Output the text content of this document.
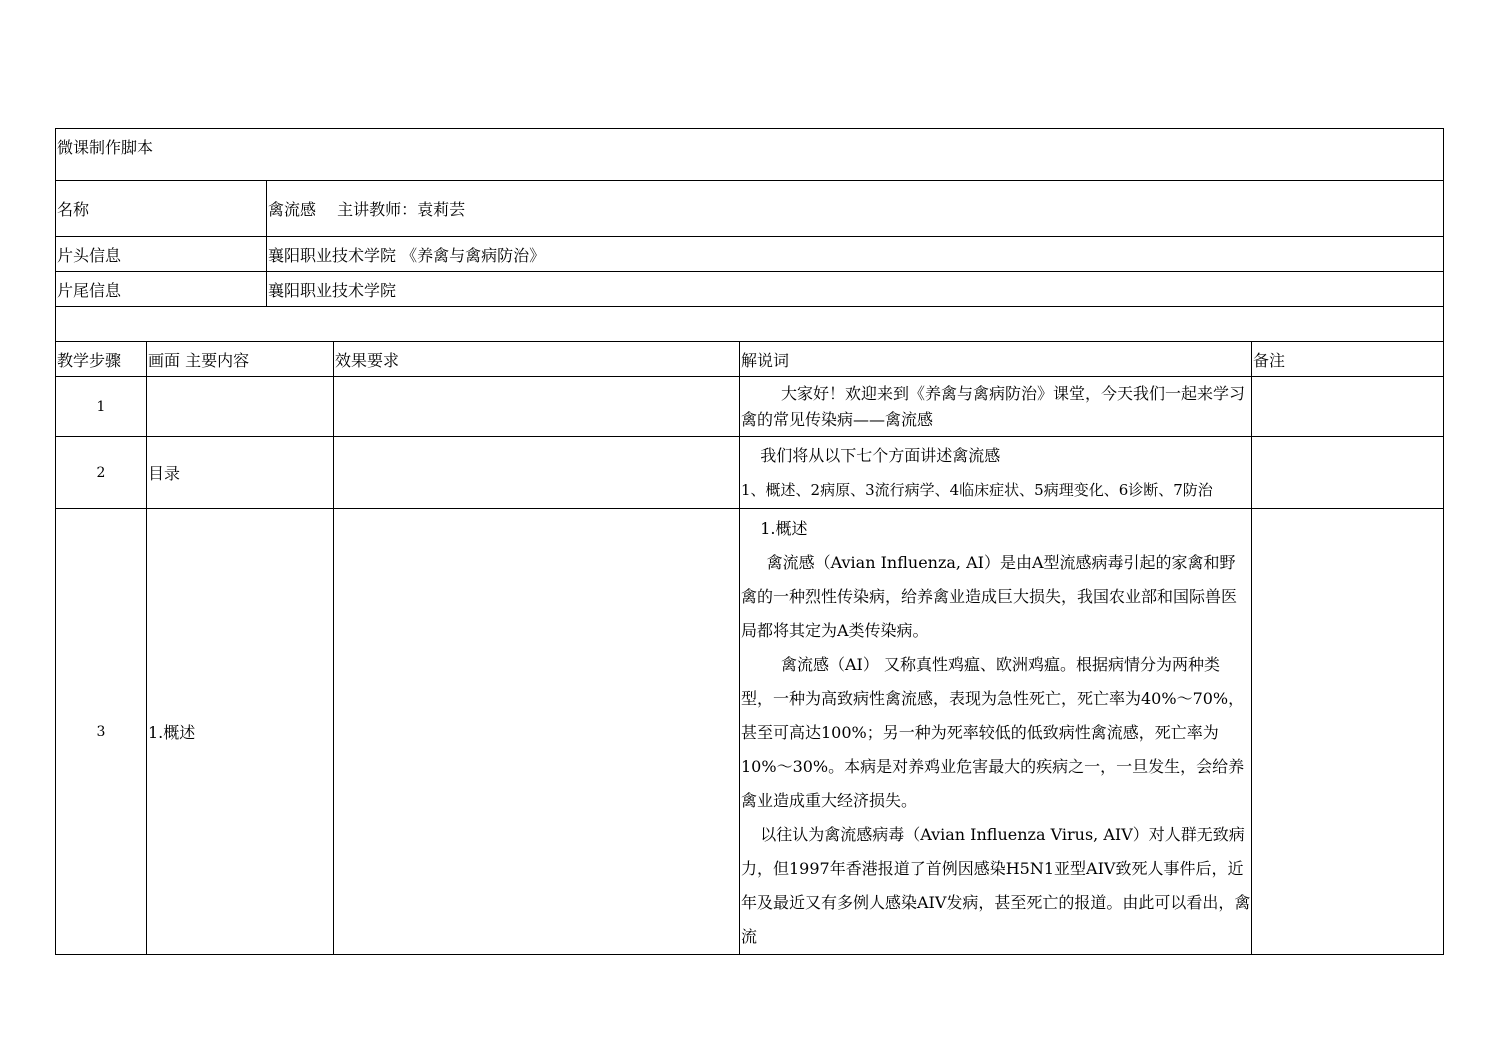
微课制作脚本					
名称		禽流感　 主讲教师：袁莉芸			
片头信息		襄阳职业技术学院 《养禽与禽病防治》			
片尾信息		襄阳职业技术学院			

教学步骤	画面 主要内容		效果要求	解说词	备注
1				大家好！欢迎来到《养禽与禽病防治》课堂，今天我们一起来学习禽的常见传染病——禽流感	

2	目录			我们将从以下七个方面讲述禽流感

1、概述、2病原、3流行病学、4临床症状、5病理变化、6诊断、7防治	

3	1.概述			1.概述

禽流感（Avian Influenza, AI）是由A型流感病毒引起的家禽和野禽的一种烈性传染病，给养禽业造成巨大损失，我国农业部和国际兽医局都将其定为A类传染病。

禽流感（AI） 又称真性鸡瘟、欧洲鸡瘟。根据病情分为两种类型，一种为高致病性禽流感，表现为急性死亡，死亡率为40%～70%，甚至可高达100%；另一种为死率较低的低致病性禽流感，死亡率为10%～30%。本病是对养鸡业危害最大的疾病之一，一旦发生，会给养禽业造成重大经济损失。

以往认为禽流感病毒（Avian Influenza Virus, AIV）对人群无致病力，但1997年香港报道了首例因感染H5N1亚型AIV致死人事件后，近年及最近又有多例人感染AIV发病，甚至死亡的报道。由此可以看出，禽流	
